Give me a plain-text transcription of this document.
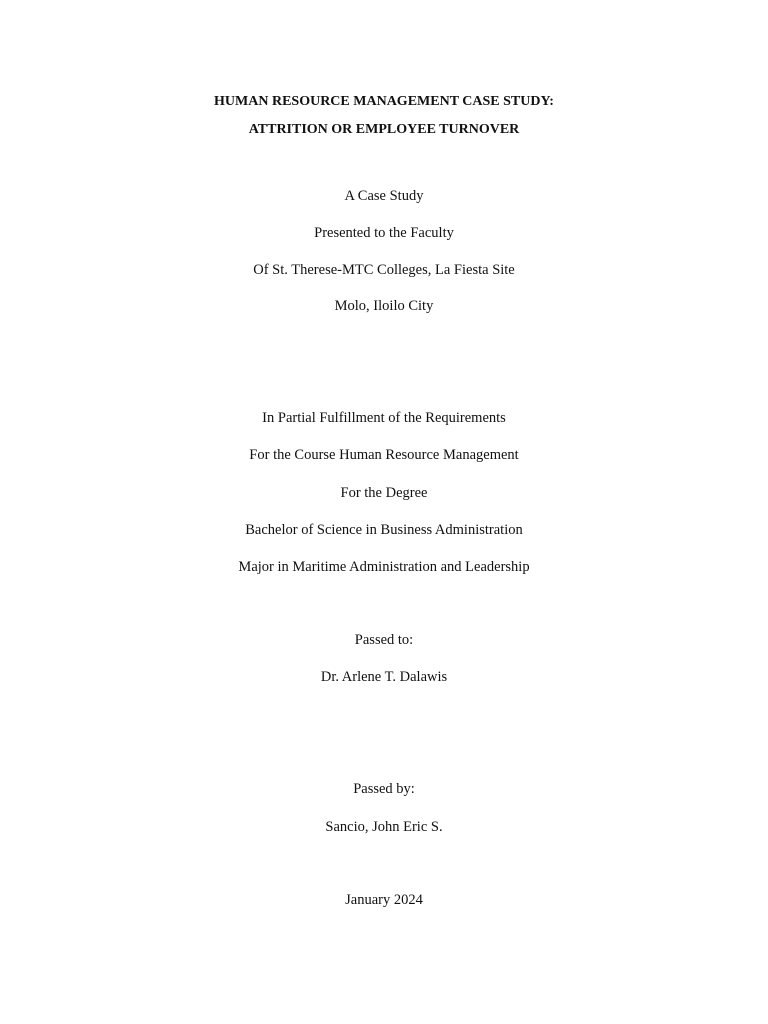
HUMAN RESOURCE MANAGEMENT CASE STUDY:
ATTRITION OR EMPLOYEE TURNOVER
A Case Study
Presented to the Faculty
Of St. Therese-MTC Colleges, La Fiesta Site
Molo, Iloilo City
In Partial Fulfillment of the Requirements
For the Course Human Resource Management
For the Degree
Bachelor of Science in Business Administration
Major in Maritime Administration and Leadership
Passed to:
Dr. Arlene T. Dalawis
Passed by:
Sancio, John Eric S.
January 2024
